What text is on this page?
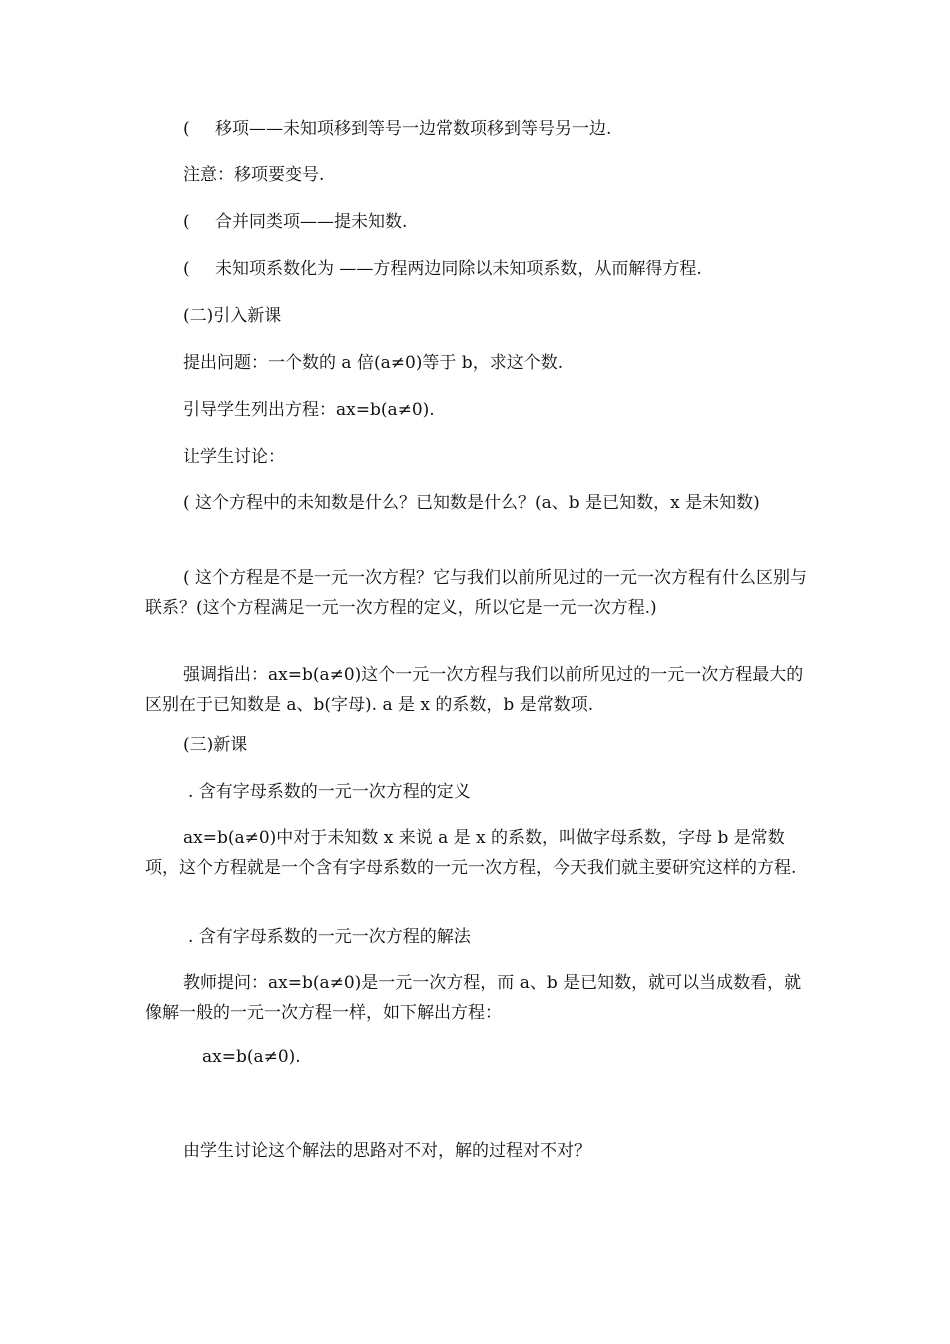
( 移项——未知项移到等号一边常数项移到等号另一边.
注意：移项要变号.
( 合并同类项——提未知数.
( 未知项系数化为 ——方程两边同除以未知项系数，从而解得方程.
(二)引入新课
提出问题：一个数的 a 倍(a≠0)等于 b，求这个数.
引导学生列出方程：ax=b(a≠0).
让学生讨论：
( 这个方程中的未知数是什么？已知数是什么？(a、b 是已知数，x 是未知数)
( 这个方程是不是一元一次方程？它与我们以前所见过的一元一次方程有什么区别与联系？(这个方程满足一元一次方程的定义，所以它是一元一次方程.)
强调指出：ax=b(a≠0)这个一元一次方程与我们以前所见过的一元一次方程最大的区别在于已知数是 a、b(字母). a 是 x 的系数，b 是常数项.
(三)新课
. 含有字母系数的一元一次方程的定义
ax=b(a≠0)中对于未知数 x 来说 a 是 x 的系数，叫做字母系数，字母 b 是常数项，这个方程就是一个含有字母系数的一元一次方程，今天我们就主要研究这样的方程.
. 含有字母系数的一元一次方程的解法
教师提问：ax=b(a≠0)是一元一次方程，而 a、b 是已知数，就可以当成数看，就像解一般的一元一次方程一样，如下解出方程：
ax=b(a≠0).
由学生讨论这个解法的思路对不对，解的过程对不对？
